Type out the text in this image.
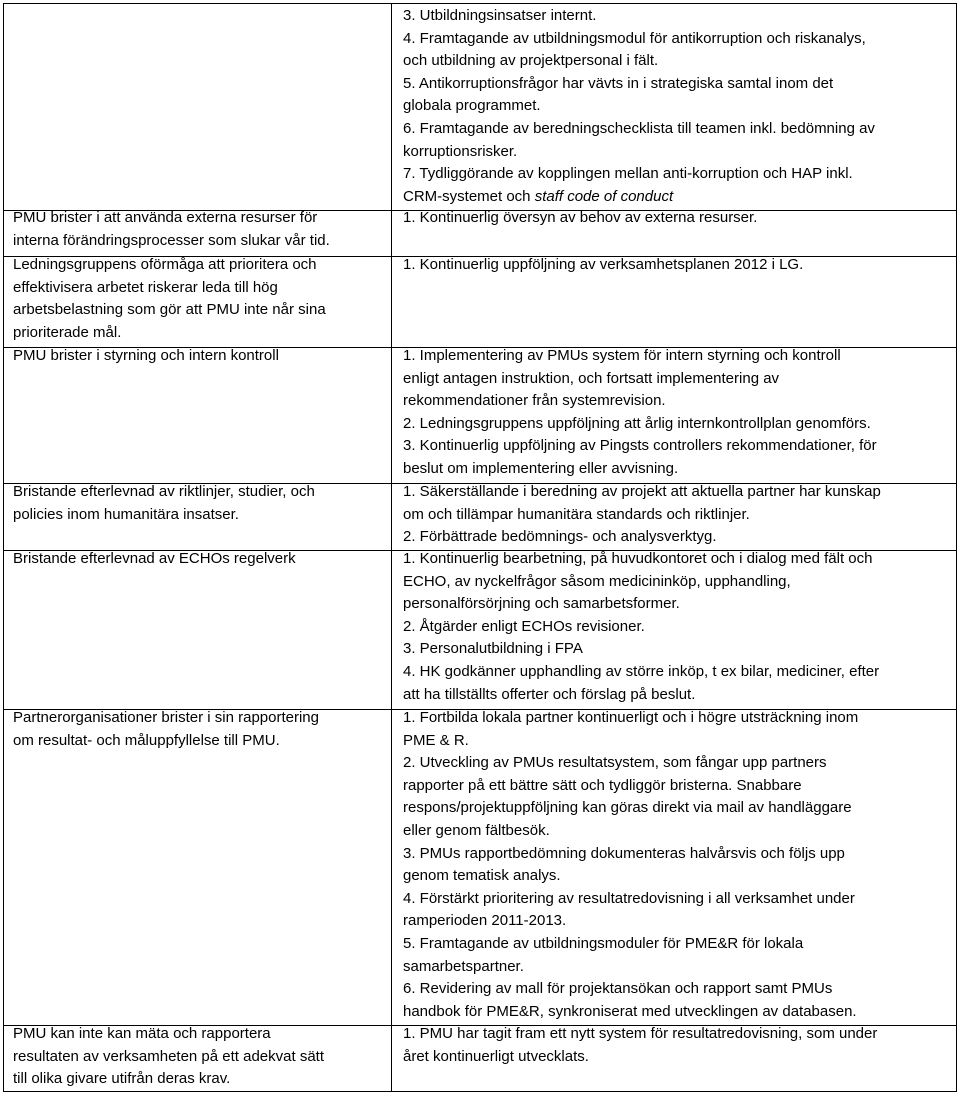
3. Utbildningsinsatser internt.
4. Framtagande av utbildningsmodul för antikorruption och riskanalys,
och utbildning av projektpersonal i fält.
5. Antikorruptionsfrågor har vävts in i strategiska samtal inom det
globala programmet.
6. Framtagande av beredningschecklista till teamen inkl. bedömning av
korruptionsrisker.
7. Tydliggörande av kopplingen mellan anti-korruption och HAP inkl.
CRM-systemet och staff code of conduct
PMU brister i att använda externa resurser för
interna förändringsprocesser som slukar vår tid.
1. Kontinuerlig översyn av behov av externa resurser.
Ledningsgruppens oförmåga att prioritera och
effektivisera arbetet riskerar leda till hög
arbetsbelastning som gör att PMU inte når sina
prioriterade mål.
1. Kontinuerlig uppföljning av verksamhetsplanen 2012 i LG.
PMU brister i styrning och intern kontroll	1. Implementering av PMUs system för intern styrning och kontroll
enligt antagen instruktion, och fortsatt implementering av
rekommendationer från systemrevision.
2. Ledningsgruppens uppföljning att årlig internkontrollplan genomförs.
3. Kontinuerlig uppföljning av Pingsts controllers rekommendationer, för
beslut om implementering eller avvisning.
Bristande efterlevnad av riktlinjer, studier, och
policies inom humanitära insatser.
1. Säkerställande i beredning av projekt att aktuella partner har kunskap
om och tillämpar humanitära standards och riktlinjer.
2. Förbättrade bedömnings- och analysverktyg.
Bristande efterlevnad av ECHOs regelverk	1. Kontinuerlig bearbetning, på huvudkontoret och i dialog med fält och
ECHO, av nyckelfrågor såsom medicininköp, upphandling,
personalförsörjning och samarbetsformer.
2. Åtgärder enligt ECHOs revisioner.
3. Personalutbildning i FPA
4. HK godkänner upphandling av större inköp, t ex bilar, mediciner, efter
att ha tillställts offerter och förslag på beslut.
Partnerorganisationer brister i sin rapportering
om resultat- och måluppfyllelse till PMU.
1. Fortbilda lokala partner kontinuerligt och i högre utsträckning inom
PME & R.
2. Utveckling av PMUs resultatsystem, som fångar upp partners
rapporter på ett bättre sätt och tydliggör bristerna. Snabbare
respons/projektuppföljning kan göras direkt via mail av handläggare
eller genom fältbesök.
3. PMUs rapportbedömning dokumenteras halvårsvis och följs upp
genom tematisk analys.
4. Förstärkt prioritering av resultatredovisning i all verksamhet under
ramperioden 2011-2013.
5. Framtagande av utbildningsmoduler för PME&R för lokala
samarbetspartner.
6. Revidering av mall för projektansökan och rapport samt PMUs
handbok för PME&R, synkroniserat med utvecklingen av databasen.
PMU kan inte kan mäta och rapportera
resultaten av verksamheten på ett adekvat sätt
till olika givare utifrån deras krav.
1. PMU har tagit fram ett nytt system för resultatredovisning, som under
året kontinuerligt utvecklats.
